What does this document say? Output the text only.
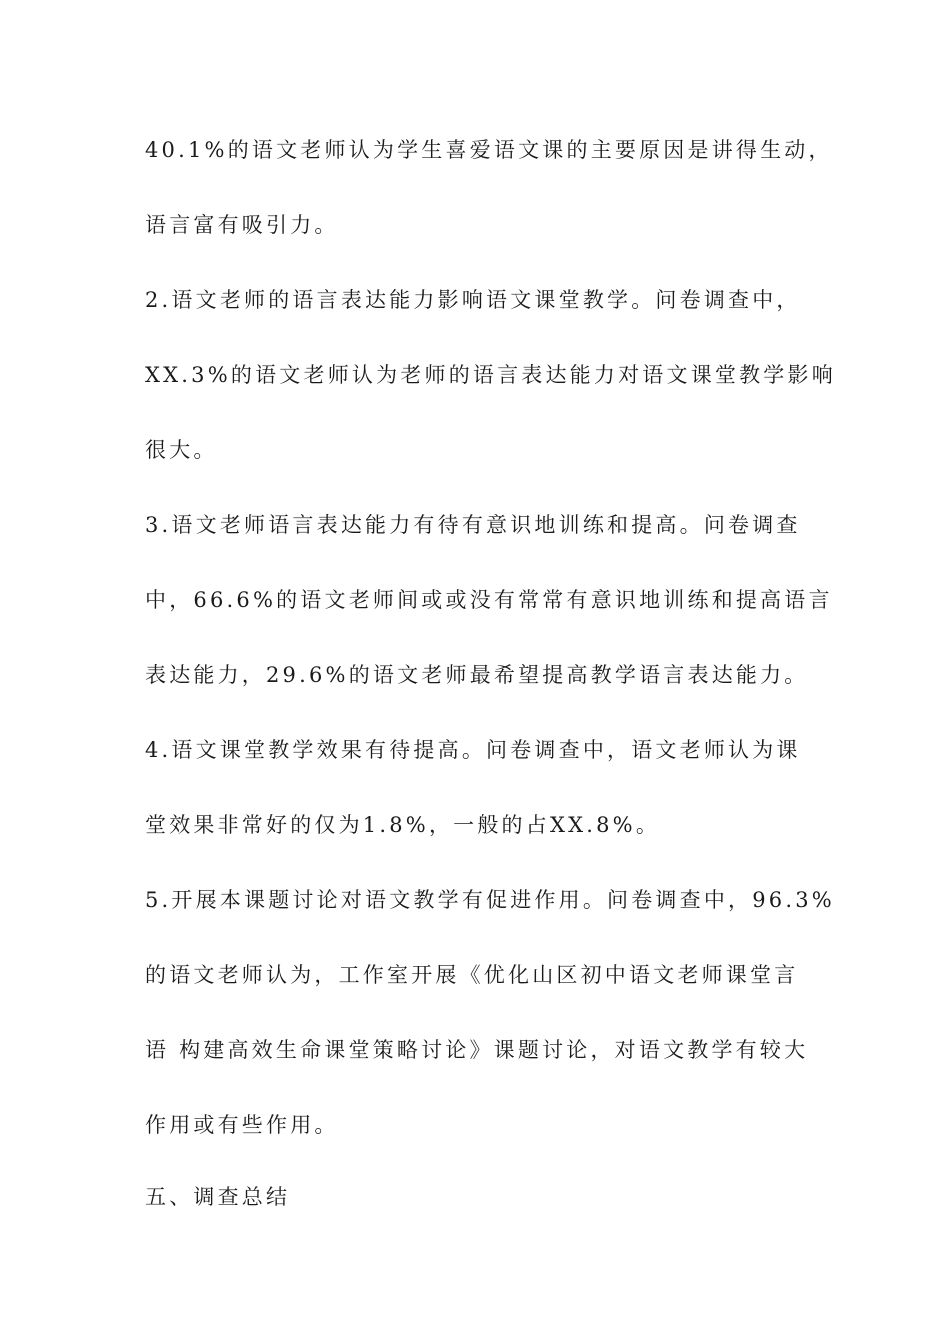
40.1%的语文老师认为学生喜爱语文课的主要原因是讲得生动，
语言富有吸引力。
2.语文老师的语言表达能力影响语文课堂教学。问卷调查中，
XX.3%的语文老师认为老师的语言表达能力对语文课堂教学影响
很大。
3.语文老师语言表达能力有待有意识地训练和提高。问卷调查
中，66.6%的语文老师间或或没有常常有意识地训练和提高语言
表达能力，29.6%的语文老师最希望提高教学语言表达能力。
4.语文课堂教学效果有待提高。问卷调查中，语文老师认为课
堂效果非常好的仅为1.8%，一般的占XX.8%。
5.开展本课题讨论对语文教学有促进作用。问卷调查中，96.3%
的语文老师认为，工作室开展《优化山区初中语文老师课堂言
语 构建高效生命课堂策略讨论》课题讨论，对语文教学有较大
作用或有些作用。
五、调查总结
